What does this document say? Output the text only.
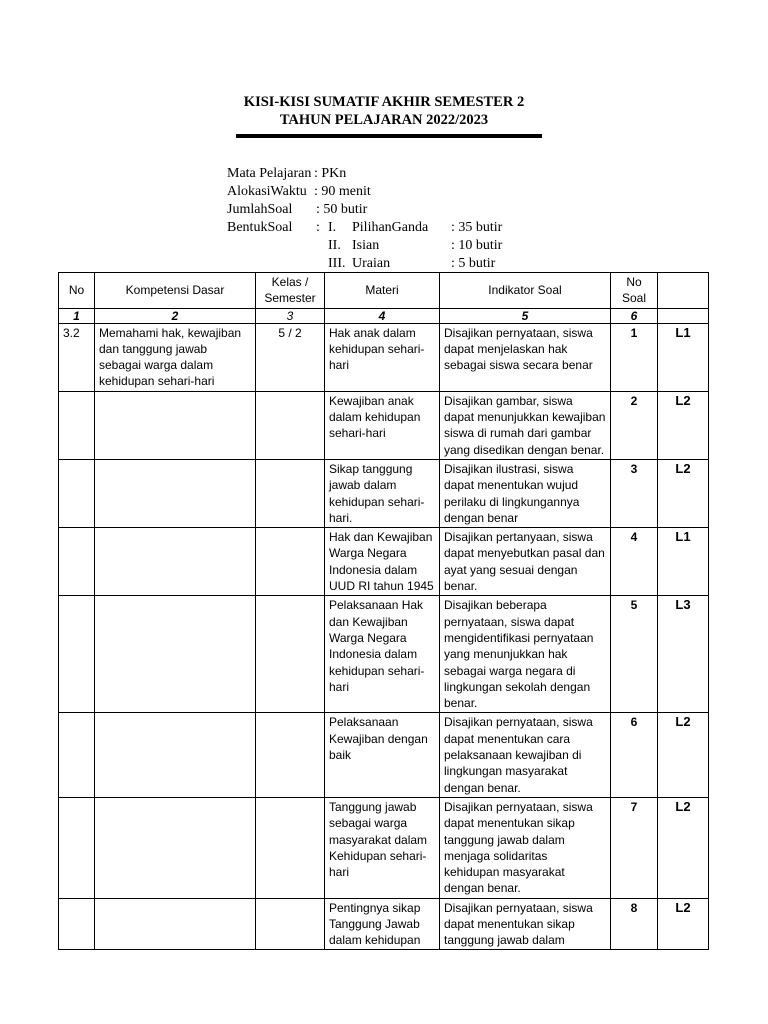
KISI-KISI SUMATIF AKHIR SEMESTER 2
TAHUN PELAJARAN 2022/2023
Mata Pelajaran : PKn
AlokasiWaktu : 90 menit
JumlahSoal : 50 butir
BentukSoal : I. PilihanGanda : 35 butir
II. Isian	: 10 butir
III. Uraian	: 5 butir
No	Kompetensi Dasar	Kelas / Semester	Materi	Indikator Soal	No Soal	
1	2	3	4	5	6	
3.2	Memahami hak, kewajiban dan tanggung jawab sebagai warga dalam kehidupan sehari-hari	5 / 2	Hak anak dalam kehidupan sehari-hari	Disajikan pernyataan, siswa dapat menjelaskan hak sebagai siswa secara benar	1	L1
			Kewajiban anak dalam kehidupan sehari-hari	Disajikan gambar, siswa dapat menunjukkan kewajiban siswa di rumah dari gambar yang disedikan dengan benar.	2	L2
			Sikap tanggung jawab dalam kehidupan sehari-hari.	Disajikan ilustrasi, siswa dapat menentukan wujud perilaku di lingkungannya dengan benar	3	L2
			Hak dan Kewajiban Warga Negara Indonesia dalam UUD RI tahun 1945	Disajikan pertanyaan, siswa dapat menyebutkan pasal dan ayat yang sesuai dengan benar.	4	L1
			Pelaksanaan Hak dan Kewajiban Warga Negara Indonesia dalam kehidupan sehari-hari	Disajikan beberapa pernyataan, siswa dapat mengidentifikasi pernyataan yang menunjukkan hak sebagai warga negara di lingkungan sekolah dengan benar.	5	L3
			Pelaksanaan Kewajiban dengan baik	Disajikan pernyataan, siswa dapat menentukan cara pelaksanaan kewajiban di lingkungan masyarakat dengan benar.	6	L2
			Tanggung jawab sebagai warga masyarakat dalam Kehidupan sehari-hari	Disajikan pernyataan, siswa dapat menentukan sikap tanggung jawab dalam menjaga solidaritas kehidupan masyarakat dengan benar.	7	L2

			Pentingnya sikap Tanggung Jawab dalam kehidupan	Disajikan pernyataan, siswa dapat menentukan sikap tanggung jawab dalam	8	L2
